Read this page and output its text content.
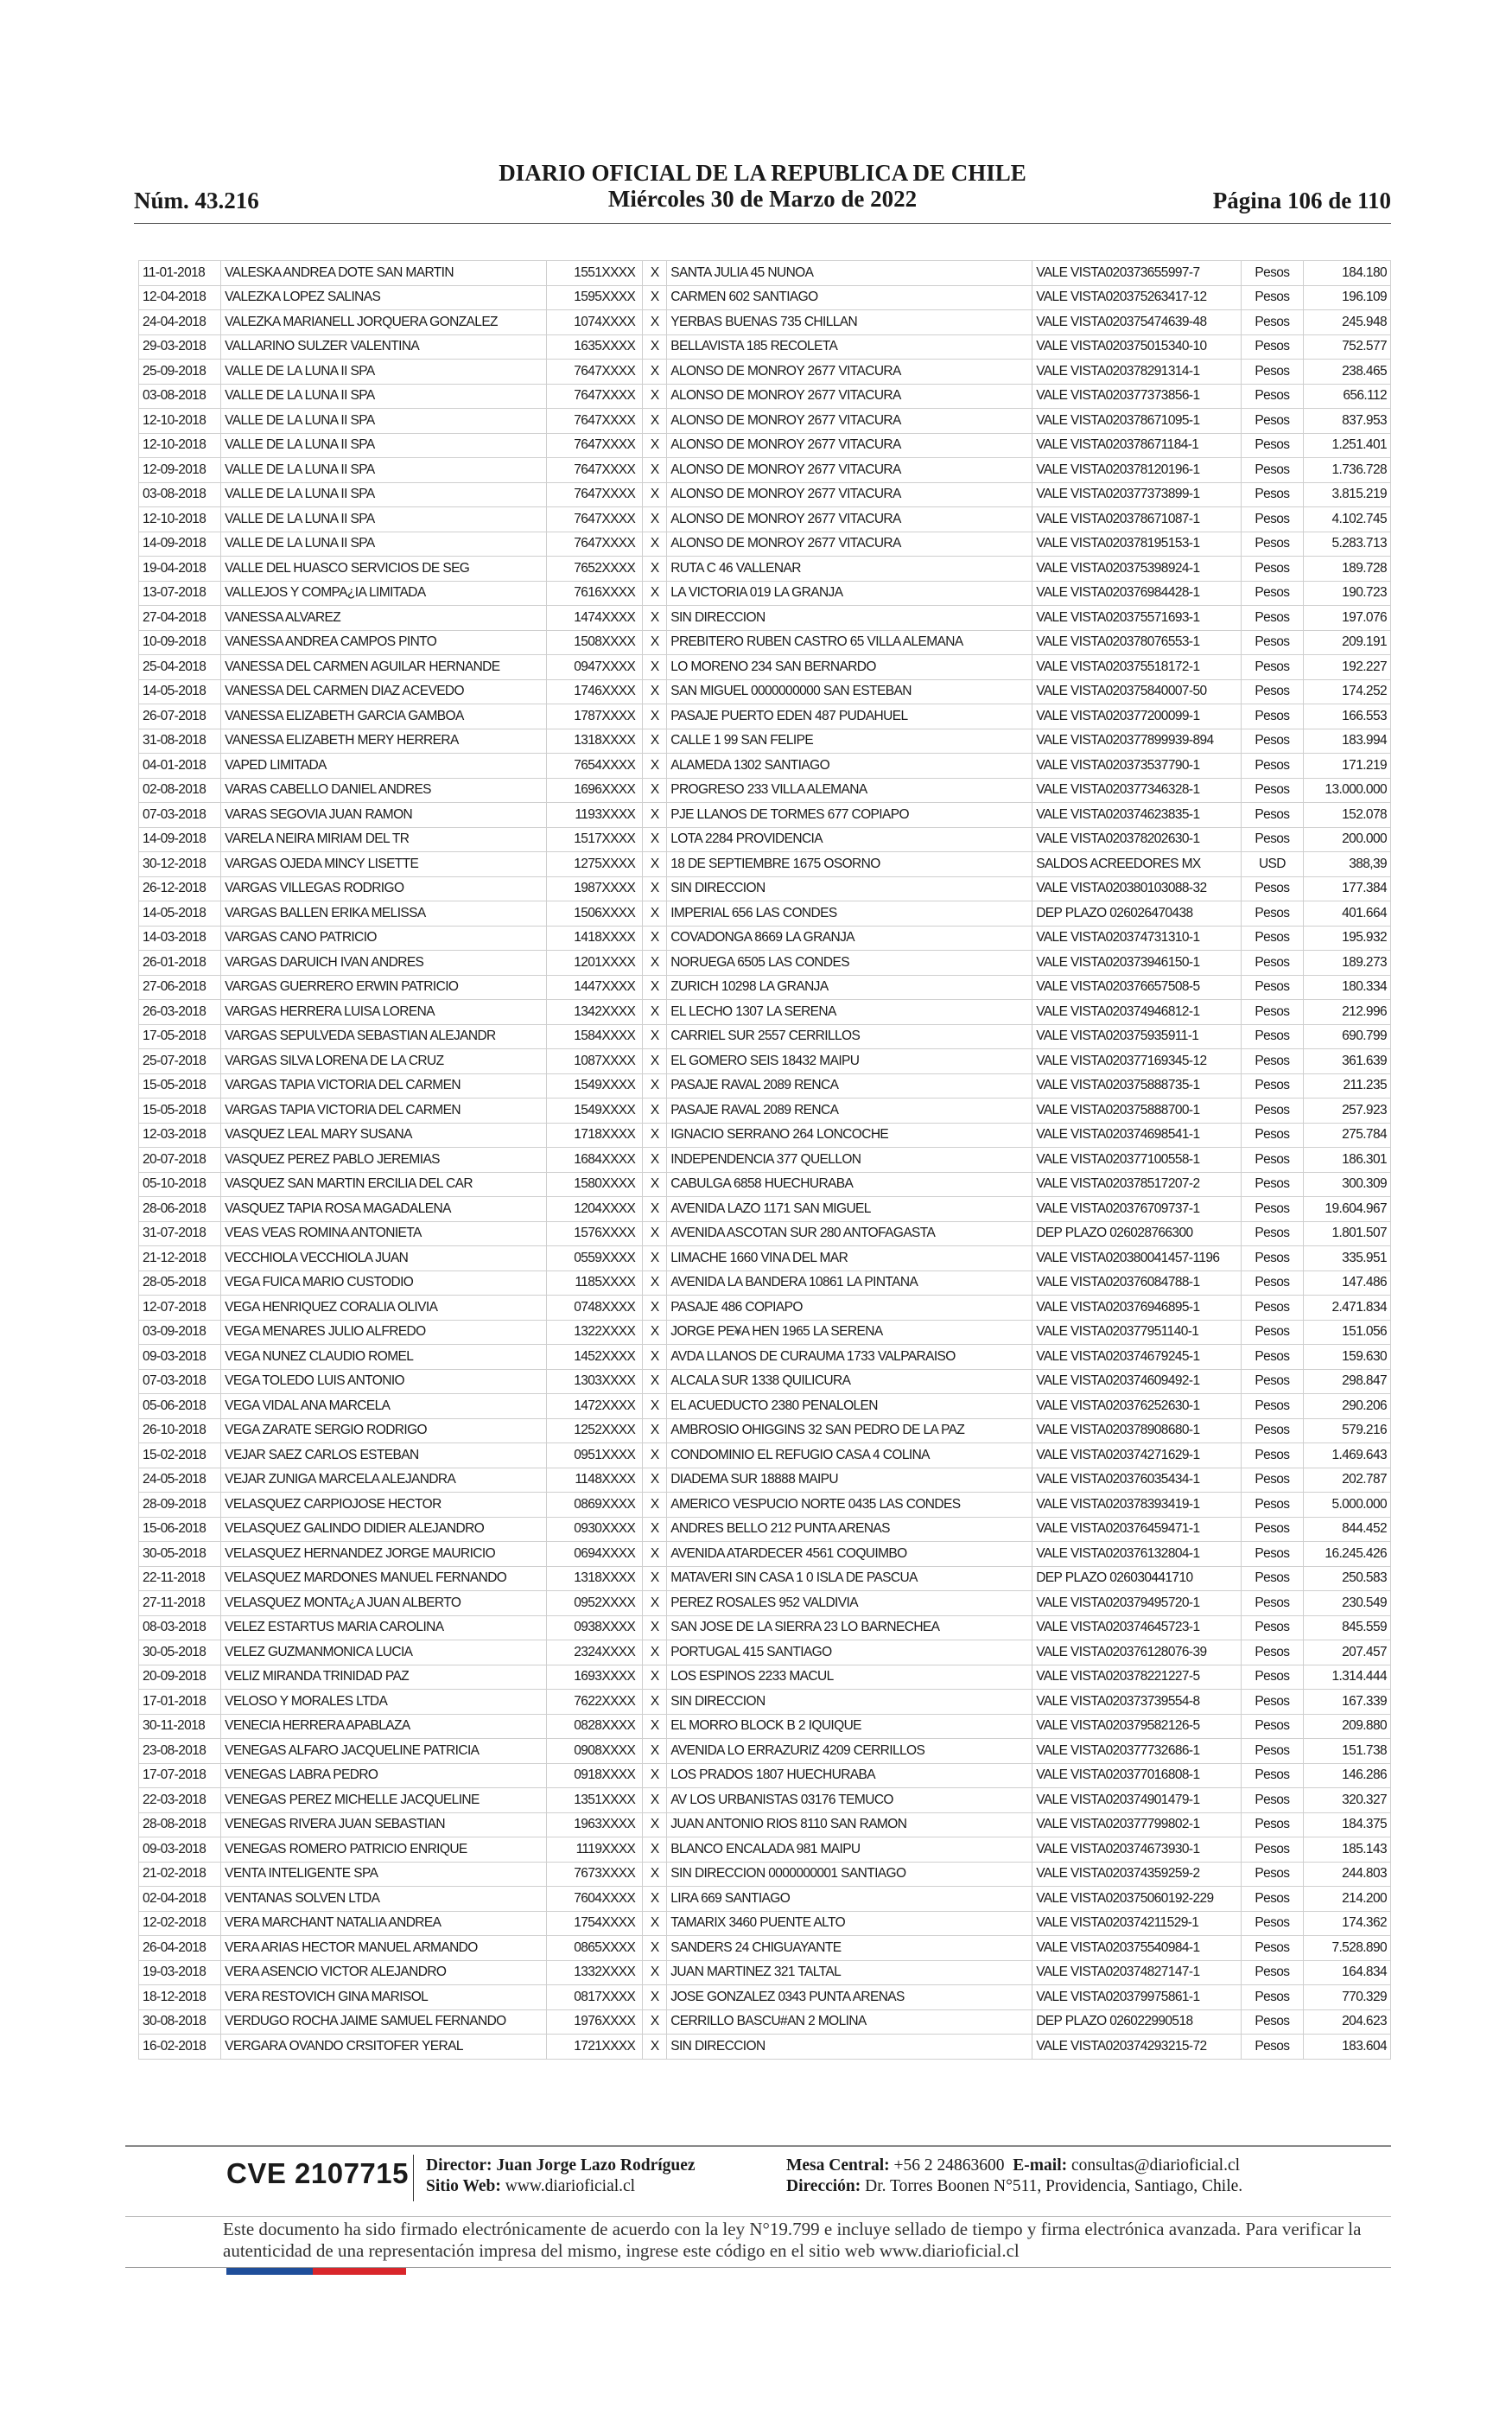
Núm. 43.216
DIARIO OFICIAL DE LA REPUBLICA DE CHILE
Miércoles 30 de Marzo de 2022	Página 106 de 110
11-01-2018	VALESKA ANDREA DOTE SAN MARTIN	1551XXXX	X	SANTA JULIA 45 NUNOA	VALE VISTA020373655997-7	Pesos	184.180
12-04-2018	VALEZKA LOPEZ SALINAS	1595XXXX	X	CARMEN 602 SANTIAGO	VALE VISTA020375263417-12	Pesos	196.109
24-04-2018	VALEZKA MARIANELL JORQUERA GONZALEZ	1074XXXX	X	YERBAS BUENAS 735 CHILLAN	VALE VISTA020375474639-48	Pesos	245.948
29-03-2018	VALLARINO SULZER VALENTINA	1635XXXX	X	BELLAVISTA 185 RECOLETA	VALE VISTA020375015340-10	Pesos	752.577
25-09-2018	VALLE DE LA LUNA II SPA	7647XXXX	X	ALONSO DE MONROY 2677 VITACURA	VALE VISTA020378291314-1	Pesos	238.465
03-08-2018	VALLE DE LA LUNA II SPA	7647XXXX	X	ALONSO DE MONROY 2677 VITACURA	VALE VISTA020377373856-1	Pesos	656.112
12-10-2018	VALLE DE LA LUNA II SPA	7647XXXX	X	ALONSO DE MONROY 2677 VITACURA	VALE VISTA020378671095-1	Pesos	837.953
12-10-2018	VALLE DE LA LUNA II SPA	7647XXXX	X	ALONSO DE MONROY 2677 VITACURA	VALE VISTA020378671184-1	Pesos	1.251.401
12-09-2018	VALLE DE LA LUNA II SPA	7647XXXX	X	ALONSO DE MONROY 2677 VITACURA	VALE VISTA020378120196-1	Pesos	1.736.728
03-08-2018	VALLE DE LA LUNA II SPA	7647XXXX	X	ALONSO DE MONROY 2677 VITACURA	VALE VISTA020377373899-1	Pesos	3.815.219
12-10-2018	VALLE DE LA LUNA II SPA	7647XXXX	X	ALONSO DE MONROY 2677 VITACURA	VALE VISTA020378671087-1	Pesos	4.102.745
14-09-2018	VALLE DE LA LUNA II SPA	7647XXXX	X	ALONSO DE MONROY 2677 VITACURA	VALE VISTA020378195153-1	Pesos	5.283.713
19-04-2018	VALLE DEL HUASCO SERVICIOS DE SEG	7652XXXX	X	RUTA C 46 VALLENAR	VALE VISTA020375398924-1	Pesos	189.728
13-07-2018	VALLEJOS Y COMPA¿IA LIMITADA	7616XXXX	X	LA VICTORIA 019 LA GRANJA	VALE VISTA020376984428-1	Pesos	190.723
27-04-2018	VANESSA ALVAREZ	1474XXXX	X	SIN DIRECCION	VALE VISTA020375571693-1	Pesos	197.076
10-09-2018	VANESSA ANDREA CAMPOS PINTO	1508XXXX	X	PREBITERO RUBEN CASTRO 65 VILLA ALEMANA	VALE VISTA020378076553-1	Pesos	209.191
25-04-2018	VANESSA DEL CARMEN AGUILAR HERNANDE	0947XXXX	X	LO MORENO 234 SAN BERNARDO	VALE VISTA020375518172-1	Pesos	192.227
14-05-2018	VANESSA DEL CARMEN DIAZ ACEVEDO	1746XXXX	X	SAN MIGUEL 0000000000 SAN ESTEBAN	VALE VISTA020375840007-50	Pesos	174.252
26-07-2018	VANESSA ELIZABETH GARCIA GAMBOA	1787XXXX	X	PASAJE PUERTO EDEN 487 PUDAHUEL	VALE VISTA020377200099-1	Pesos	166.553
31-08-2018	VANESSA ELIZABETH MERY HERRERA	1318XXXX	X	CALLE 1 99 SAN FELIPE	VALE VISTA020377899939-894	Pesos	183.994
04-01-2018	VAPED LIMITADA	7654XXXX	X	ALAMEDA 1302 SANTIAGO	VALE VISTA020373537790-1	Pesos	171.219
02-08-2018	VARAS CABELLO DANIEL ANDRES	1696XXXX	X	PROGRESO 233 VILLA ALEMANA	VALE VISTA020377346328-1	Pesos	13.000.000
07-03-2018	VARAS SEGOVIA JUAN RAMON	1193XXXX	X	PJE LLANOS DE TORMES 677 COPIAPO	VALE VISTA020374623835-1	Pesos	152.078
14-09-2018	VARELA NEIRA MIRIAM DEL TR	1517XXXX	X	LOTA 2284 PROVIDENCIA	VALE VISTA020378202630-1	Pesos	200.000
30-12-2018	VARGAS OJEDA MINCY LISETTE	1275XXXX	X	18 DE SEPTIEMBRE 1675 OSORNO	SALDOS ACREEDORES MX	USD	388,39
26-12-2018	VARGAS VILLEGAS RODRIGO	1987XXXX	X	SIN DIRECCION	VALE VISTA020380103088-32	Pesos	177.384
14-05-2018	VARGAS BALLEN ERIKA MELISSA	1506XXXX	X	IMPERIAL 656 LAS CONDES	DEP PLAZO 026026470438	Pesos	401.664
14-03-2018	VARGAS CANO PATRICIO	1418XXXX	X	COVADONGA 8669 LA GRANJA	VALE VISTA020374731310-1	Pesos	195.932
26-01-2018	VARGAS DARUICH IVAN ANDRES	1201XXXX	X	NORUEGA 6505 LAS CONDES	VALE VISTA020373946150-1	Pesos	189.273
27-06-2018	VARGAS GUERRERO ERWIN PATRICIO	1447XXXX	X	ZURICH 10298 LA GRANJA	VALE VISTA020376657508-5	Pesos	180.334
26-03-2018	VARGAS HERRERA LUISA LORENA	1342XXXX	X	EL LECHO 1307 LA SERENA	VALE VISTA020374946812-1	Pesos	212.996
17-05-2018	VARGAS SEPULVEDA SEBASTIAN ALEJANDR	1584XXXX	X	CARRIEL SUR 2557 CERRILLOS	VALE VISTA020375935911-1	Pesos	690.799
25-07-2018	VARGAS SILVA LORENA DE LA CRUZ	1087XXXX	X	EL GOMERO SEIS 18432 MAIPU	VALE VISTA020377169345-12	Pesos	361.639
15-05-2018	VARGAS TAPIA VICTORIA DEL CARMEN	1549XXXX	X	PASAJE RAVAL 2089 RENCA	VALE VISTA020375888735-1	Pesos	211.235
15-05-2018	VARGAS TAPIA VICTORIA DEL CARMEN	1549XXXX	X	PASAJE RAVAL 2089 RENCA	VALE VISTA020375888700-1	Pesos	257.923
12-03-2018	VASQUEZ LEAL MARY SUSANA	1718XXXX	X	IGNACIO SERRANO 264 LONCOCHE	VALE VISTA020374698541-1	Pesos	275.784
20-07-2018	VASQUEZ PEREZ PABLO JEREMIAS	1684XXXX	X	INDEPENDENCIA 377 QUELLON	VALE VISTA020377100558-1	Pesos	186.301
05-10-2018	VASQUEZ SAN MARTIN ERCILIA DEL CAR	1580XXXX	X	CABULGA 6858 HUECHURABA	VALE VISTA020378517207-2	Pesos	300.309
28-06-2018	VASQUEZ TAPIA ROSA MAGADALENA	1204XXXX	X	AVENIDA LAZO 1171 SAN MIGUEL	VALE VISTA020376709737-1	Pesos	19.604.967
31-07-2018	VEAS VEAS ROMINA ANTONIETA	1576XXXX	X	AVENIDA ASCOTAN SUR 280 ANTOFAGASTA	DEP PLAZO 026028766300	Pesos	1.801.507
21-12-2018	VECCHIOLA VECCHIOLA JUAN	0559XXXX	X	LIMACHE 1660 VINA DEL MAR	VALE VISTA020380041457-1196	Pesos	335.951
28-05-2018	VEGA FUICA MARIO CUSTODIO	1185XXXX	X	AVENIDA LA BANDERA 10861 LA PINTANA	VALE VISTA020376084788-1	Pesos	147.486
12-07-2018	VEGA HENRIQUEZ CORALIA OLIVIA	0748XXXX	X	PASAJE 486 COPIAPO	VALE VISTA020376946895-1	Pesos	2.471.834
03-09-2018	VEGA MENARES JULIO ALFREDO	1322XXXX	X	JORGE PE¥A HEN 1965 LA SERENA	VALE VISTA020377951140-1	Pesos	151.056
09-03-2018	VEGA NUNEZ CLAUDIO ROMEL	1452XXXX	X	AVDA LLANOS DE CURAUMA 1733 VALPARAISO	VALE VISTA020374679245-1	Pesos	159.630
07-03-2018	VEGA TOLEDO LUIS ANTONIO	1303XXXX	X	ALCALA SUR 1338 QUILICURA	VALE VISTA020374609492-1	Pesos	298.847
05-06-2018	VEGA VIDAL ANA MARCELA	1472XXXX	X	EL ACUEDUCTO 2380 PENALOLEN	VALE VISTA020376252630-1	Pesos	290.206
26-10-2018	VEGA ZARATE SERGIO RODRIGO	1252XXXX	X	AMBROSIO OHIGGINS 32 SAN PEDRO DE LA PAZ	VALE VISTA020378908680-1	Pesos	579.216
15-02-2018	VEJAR SAEZ CARLOS ESTEBAN	0951XXXX	X	CONDOMINIO EL REFUGIO CASA 4 COLINA	VALE VISTA020374271629-1	Pesos	1.469.643
24-05-2018	VEJAR ZUNIGA MARCELA ALEJANDRA	1148XXXX	X	DIADEMA SUR 18888 MAIPU	VALE VISTA020376035434-1	Pesos	202.787
28-09-2018	VELASQUEZ CARPIOJOSE HECTOR	0869XXXX	X	AMERICO VESPUCIO NORTE 0435 LAS CONDES	VALE VISTA020378393419-1	Pesos	5.000.000
15-06-2018	VELASQUEZ GALINDO DIDIER ALEJANDRO	0930XXXX	X	ANDRES BELLO 212 PUNTA ARENAS	VALE VISTA020376459471-1	Pesos	844.452
30-05-2018	VELASQUEZ HERNANDEZ JORGE MAURICIO	0694XXXX	X	AVENIDA ATARDECER 4561 COQUIMBO	VALE VISTA020376132804-1	Pesos	16.245.426
22-11-2018	VELASQUEZ MARDONES MANUEL FERNANDO	1318XXXX	X	MATAVERI SIN CASA 1 0 ISLA DE PASCUA	DEP PLAZO 026030441710	Pesos	250.583
27-11-2018	VELASQUEZ MONTA¿A JUAN ALBERTO	0952XXXX	X	PEREZ ROSALES 952 VALDIVIA	VALE VISTA020379495720-1	Pesos	230.549
08-03-2018	VELEZ ESTARTUS MARIA CAROLINA	0938XXXX	X	SAN JOSE DE LA SIERRA 23 LO BARNECHEA	VALE VISTA020374645723-1	Pesos	845.559
30-05-2018	VELEZ GUZMANMONICA LUCIA	2324XXXX	X	PORTUGAL 415 SANTIAGO	VALE VISTA020376128076-39	Pesos	207.457
20-09-2018	VELIZ MIRANDA TRINIDAD PAZ	1693XXXX	X	LOS ESPINOS 2233 MACUL	VALE VISTA020378221227-5	Pesos	1.314.444
17-01-2018	VELOSO Y MORALES LTDA	7622XXXX	X	SIN DIRECCION	VALE VISTA020373739554-8	Pesos	167.339
30-11-2018	VENECIA HERRERA APABLAZA	0828XXXX	X	EL MORRO BLOCK B 2 IQUIQUE	VALE VISTA020379582126-5	Pesos	209.880
23-08-2018	VENEGAS ALFARO JACQUELINE PATRICIA	0908XXXX	X	AVENIDA LO ERRAZURIZ 4209 CERRILLOS	VALE VISTA020377732686-1	Pesos	151.738
17-07-2018	VENEGAS LABRA PEDRO	0918XXXX	X	LOS PRADOS 1807 HUECHURABA	VALE VISTA020377016808-1	Pesos	146.286
22-03-2018	VENEGAS PEREZ MICHELLE JACQUELINE	1351XXXX	X	AV LOS URBANISTAS 03176 TEMUCO	VALE VISTA020374901479-1	Pesos	320.327
28-08-2018	VENEGAS RIVERA JUAN SEBASTIAN	1963XXXX	X	JUAN ANTONIO RIOS 8110 SAN RAMON	VALE VISTA020377799802-1	Pesos	184.375
09-03-2018	VENEGAS ROMERO PATRICIO ENRIQUE	1119XXXX	X	BLANCO ENCALADA 981 MAIPU	VALE VISTA020374673930-1	Pesos	185.143
21-02-2018	VENTA INTELIGENTE SPA	7673XXXX	X	SIN DIRECCION 0000000001 SANTIAGO	VALE VISTA020374359259-2	Pesos	244.803
02-04-2018	VENTANAS SOLVEN LTDA	7604XXXX	X	LIRA 669 SANTIAGO	VALE VISTA020375060192-229	Pesos	214.200
12-02-2018	VERA MARCHANT NATALIA ANDREA	1754XXXX	X	TAMARIX 3460 PUENTE ALTO	VALE VISTA020374211529-1	Pesos	174.362
26-04-2018	VERA ARIAS HECTOR MANUEL ARMANDO	0865XXXX	X	SANDERS 24 CHIGUAYANTE	VALE VISTA020375540984-1	Pesos	7.528.890
19-03-2018	VERA ASENCIO VICTOR ALEJANDRO	1332XXXX	X	JUAN MARTINEZ 321 TALTAL	VALE VISTA020374827147-1	Pesos	164.834
18-12-2018	VERA RESTOVICH GINA MARISOL	0817XXXX	X	JOSE GONZALEZ 0343 PUNTA ARENAS	VALE VISTA020379975861-1	Pesos	770.329
30-08-2018	VERDUGO ROCHA JAIME SAMUEL FERNANDO	1976XXXX	X	CERRILLO BASCU#AN 2 MOLINA	DEP PLAZO 026022990518	Pesos	204.623
16-02-2018	VERGARA OVANDO CRSITOFER YERAL	1721XXXX	X	SIN DIRECCION	VALE VISTA020374293215-72	Pesos	183.604
CVE 2107715 Director: Juan Jorge Lazo Rodríguez
Sitio Web: www.diarioficial.cl
Mesa Central: +56 2 24863600 E-mail: consultas@diarioficial.cl
Dirección: Dr. Torres Boonen N°511, Providencia, Santiago, Chile.
Este documento ha sido firmado electrónicamente de acuerdo con la ley N°19.799 e incluye sellado de tiempo y firma electrónica avanzada. Para verificar la autenticidad de una representación impresa del mismo, ingrese este código en el sitio web www.diarioficial.cl
